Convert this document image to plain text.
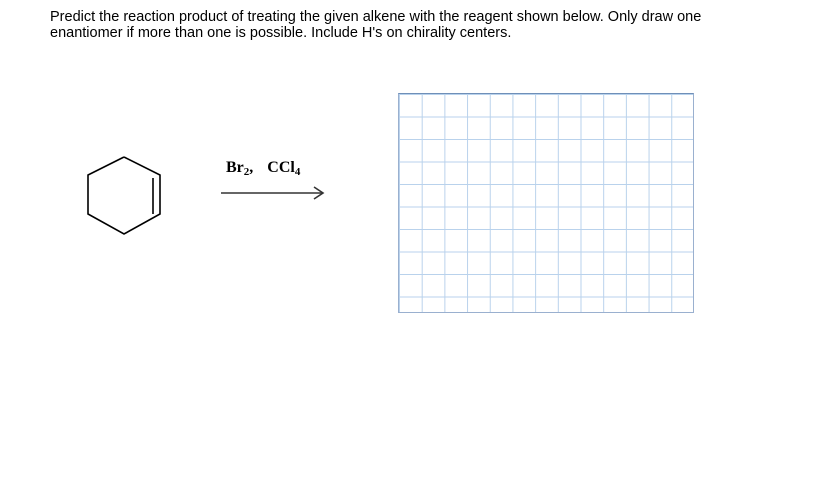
Predict the reaction product of treating the given alkene with the reagent shown below. Only draw one
enantiomer if more than one is possible. Include H's on chirality centers.
$Br_2$, CCl$_4$
